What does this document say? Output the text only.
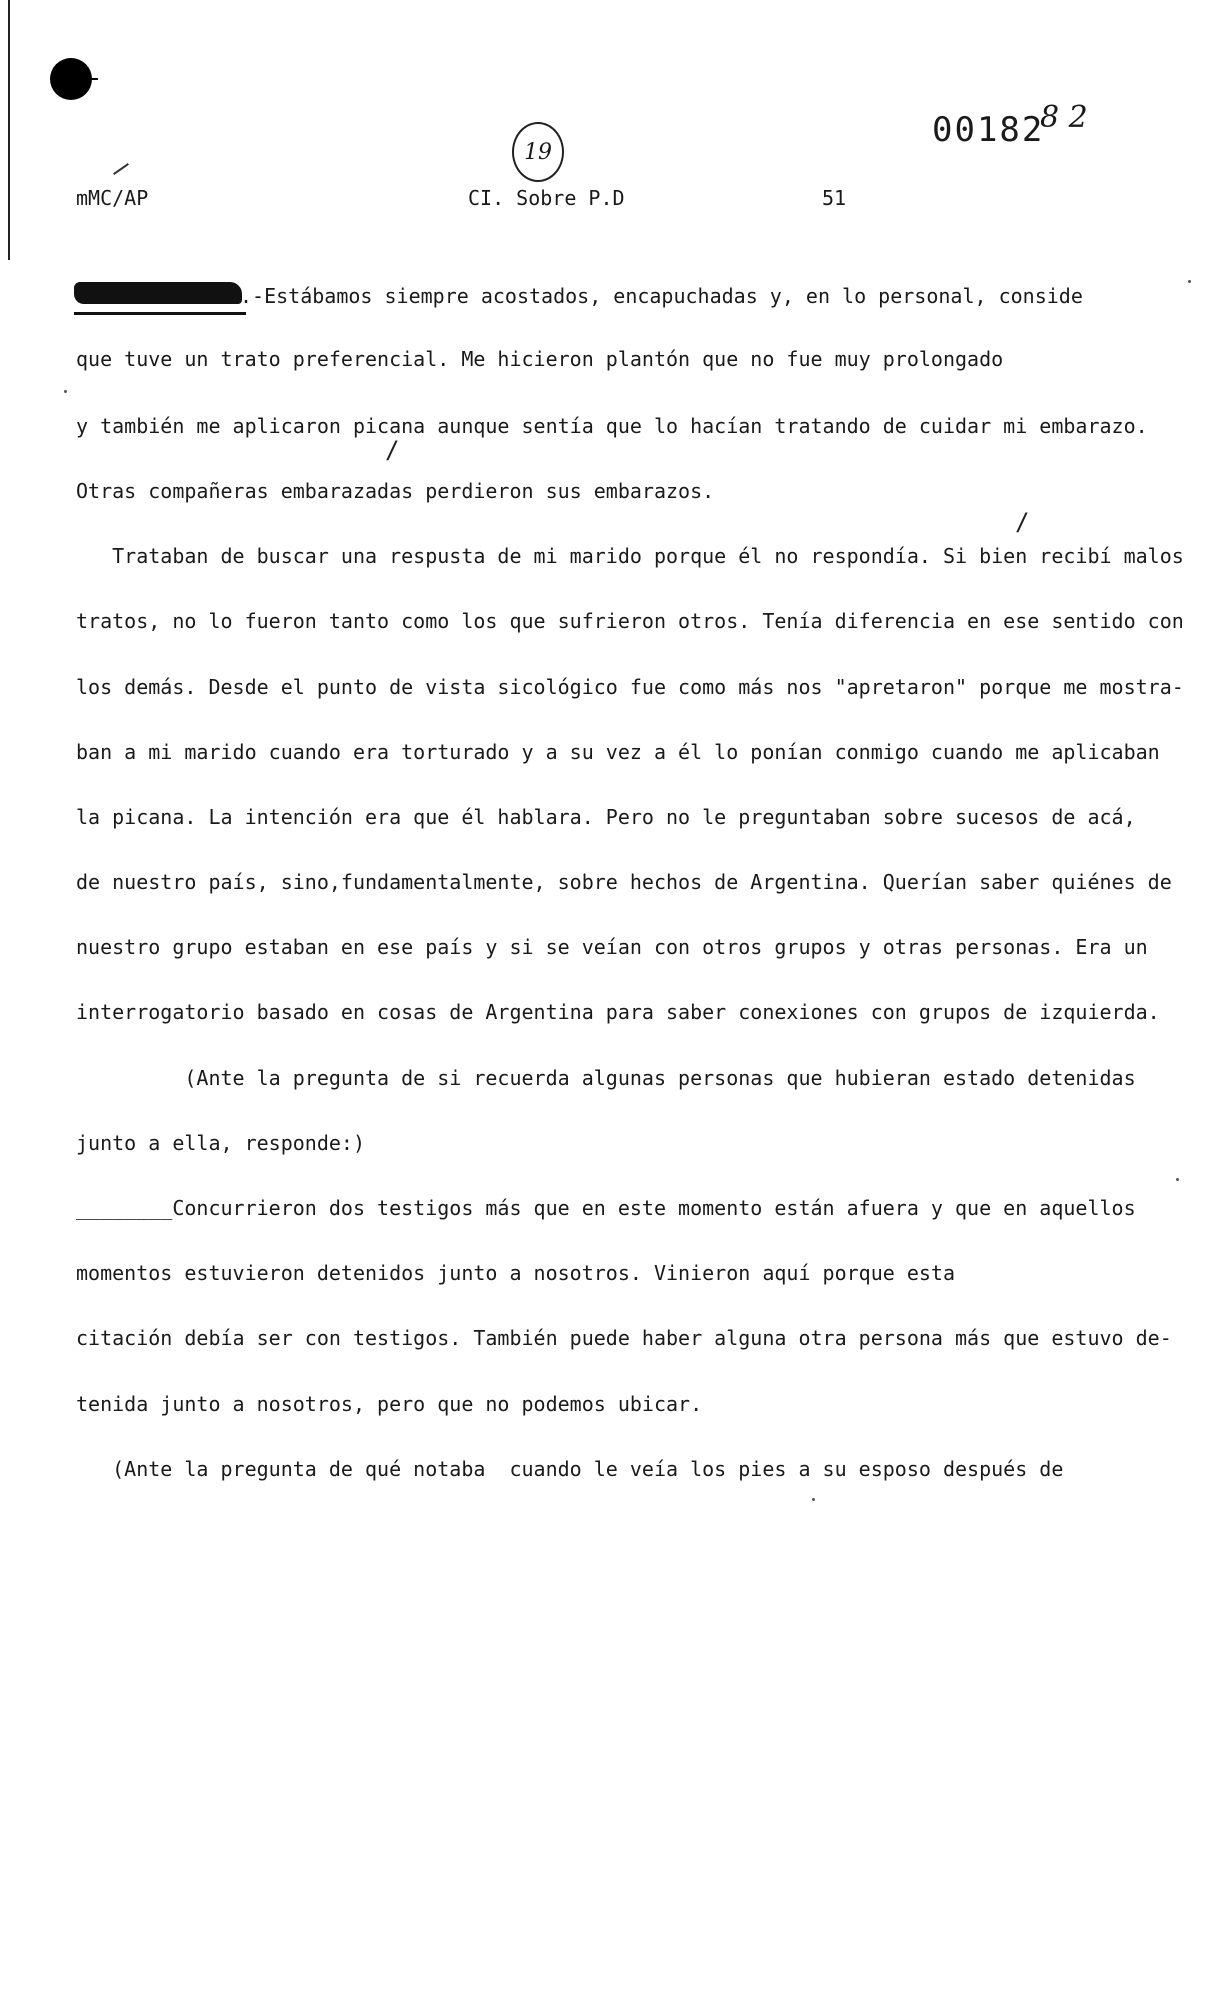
19
00182
8 2
mMC/AP	CI. Sobre P.D	51
.-Estábamos siempre acostados, encapuchadas y, en lo personal, conside
que tuve un trato preferencial. Me hicieron plantón que no fue muy prolongado
y también me aplicaron picana aunque sentía que lo hacían tratando de cuidar mi embarazo.
/
Otras compañeras embarazadas perdieron sus embarazos.
/
Trataban de buscar una respusta de mi marido porque él no respondía. Si bien recibí malos
tratos, no lo fueron tanto como los que sufrieron otros. Tenía diferencia en ese sentido con
los demás. Desde el punto de vista sicológico fue como más nos "apretaron" porque me mostra-
ban a mi marido cuando era torturado y a su vez a él lo ponían conmigo cuando me aplicaban
la picana. La intención era que él hablara. Pero no le preguntaban sobre sucesos de acá,
de nuestro país, sino,fundamentalmente, sobre hechos de Argentina. Querían saber quiénes de
nuestro grupo estaban en ese país y si se veían con otros grupos y otras personas. Era un
interrogatorio basado en cosas de Argentina para saber conexiones con grupos de izquierda.
(Ante la pregunta de si recuerda algunas personas que hubieran estado detenidas
junto a ella, responde:)
________Concurrieron dos testigos más que en este momento están afuera y que en aquellos
momentos estuvieron detenidos junto a nosotros. Vinieron aquí porque esta
citación debía ser con testigos. También puede haber alguna otra persona más que estuvo de-
tenida junto a nosotros, pero que no podemos ubicar.
(Ante la pregunta de qué notaba  cuando le veía los pies a su esposo después de
